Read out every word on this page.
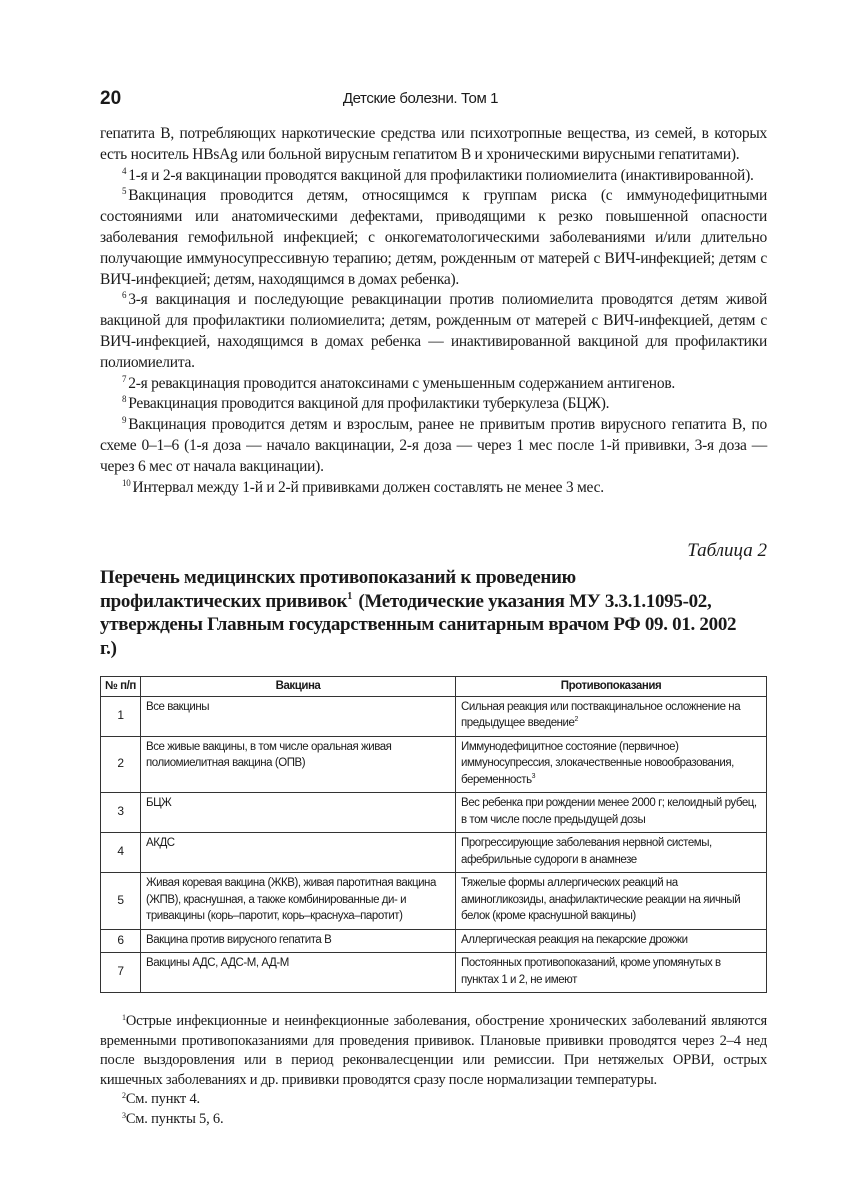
20	Детские болезни. Том 1

гепатита В, потребляющих наркотические средства или психотропные вещества, из семей, в которых есть носитель HBsAg или больной вирусным гепатитом В и хроническими вирусными гепатитами).

$^4$ 1-я и 2-я вакцинации проводятся вакциной для профилактики полиомиелита (инактивированной).

$^5$ Вакцинация проводится детям, относящимся к группам риска (с иммунодефицитными состояниями или анатомическими дефектами, приводящими к резко повышенной опасности заболевания гемофильной инфекцией; с онкогематологическими заболеваниями и/или длительно получающие иммуносупрессивную терапию; детям, рожденным от матерей с ВИЧ-инфекцией; детям с ВИЧ-инфекцией; детям, находящимся в домах ребенка).

$^6$ 3-я вакцинация и последующие ревакцинации против полиомиелита проводятся детям живой вакциной для профилактики полиомиелита; детям, рожденным от матерей с ВИЧ-инфекцией, детям с ВИЧ-инфекцией, находящимся в домах ребенка — инактивированной вакциной для профилактики полиомиелита.

$^7$ 2-я ревакцинация проводится анатоксинами с уменьшенным содержанием антигенов.

$^8$ Ревакцинация проводится вакциной для профилактики туберкулеза (БЦЖ).

$^9$ Вакцинация проводится детям и взрослым, ранее не привитым против вирусного гепатита В, по схеме 0–1–6 (1-я доза — начало вакцинации, 2-я доза — через 1 мес после 1-й прививки, 3-я доза — через 6 мес от начала вакцинации).

$^{10}$ Интервал между 1-й и 2-й прививками должен составлять не менее 3 мес.

Таблица 2
Перечень медицинских противопоказаний к проведению профилактических прививок$^1$ (Методические указания МУ 3.3.1.1095-02, утверждены Главным государственным санитарным врачом РФ 09. 01. 2002 г.)
№ п/п	Вакцина	Противопоказания
1	Все вакцины	Сильная реакция или поствакцинальное осложнение на предыдущее введение$^2$
2	Все живые вакцины, в том числе оральная живая полиомиелитная вакцина (ОПВ)	Иммунодефицитное состояние (первичное) иммуносупрессия, злокачественные новообразования, беременность$^3$
3	БЦЖ	Вес ребенка при рождении менее 2000 г; келоидный рубец, в том числе после предыдущей дозы
4	АКДС	Прогрессирующие заболевания нервной системы, афебрильные судороги в анамнезе
5	Живая коревая вакцина (ЖКВ), живая паротитная вакцина (ЖПВ), краснушная, а также комбинированные ди- и тривакцины (корь–паротит, корь–краснуха–паротит)	Тяжелые формы аллергических реакций на аминогликозиды, анафилактические реакции на яичный белок (кроме краснушной вакцины)
6	Вакцина против вирусного гепатита В	Аллергическая реакция на пекарские дрожжи
7	Вакцины АДС, АДС-М, АД-М	Постоянных противопоказаний, кроме упомянутых в пунктах 1 и 2, не имеют

$^1$Острые инфекционные и неинфекционные заболевания, обострение хронических заболеваний являются временными противопоказаниями для проведения прививок. Плановые прививки проводятся через 2–4 нед после выздоровления или в период реконвалесценции или ремиссии. При нетяжелых ОРВИ, острых кишечных заболеваниях и др. прививки проводятся сразу после нормализации температуры.

$^2$См. пункт 4.

$^3$См. пункты 5, 6.
